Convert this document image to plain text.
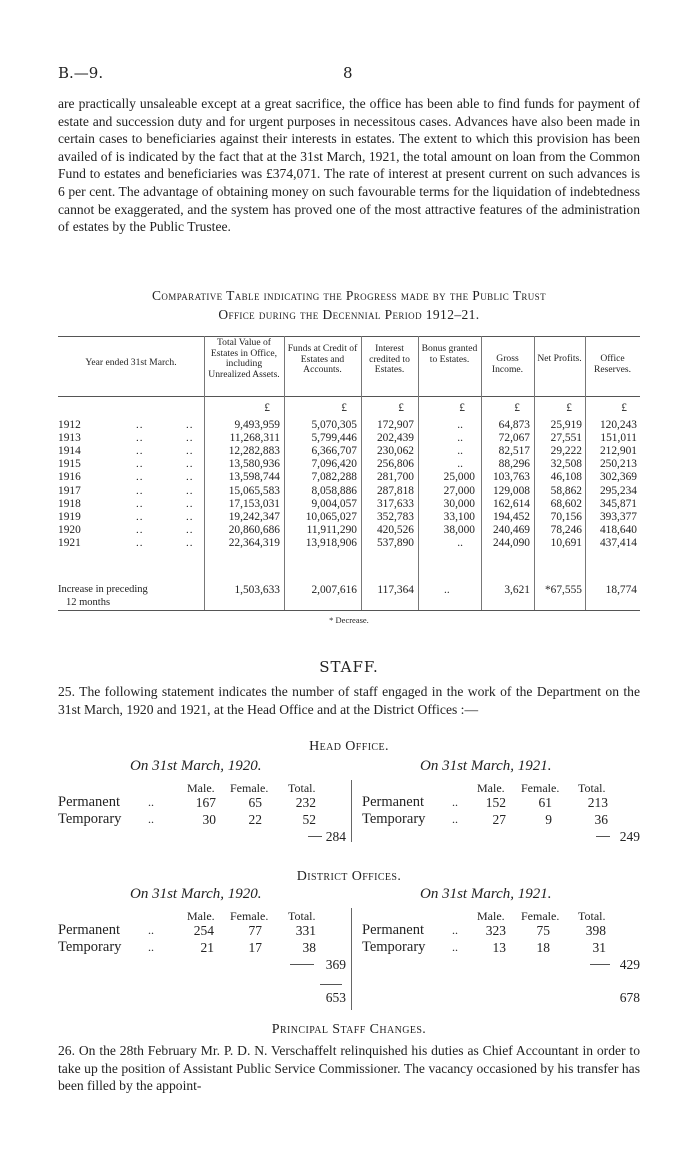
B.—9.	8
are practically unsaleable except at a great sacrifice, the office has been able to find funds for payment of estate and succession duty and for urgent purposes in necessitous cases. Advances have also been made in certain cases to beneficiaries against their interests in estates. The extent to which this provision has been availed of is indicated by the fact that at the 31st March, 1921, the total amount on loan from the Common Fund to estates and beneficiaries was £374,071. The rate of interest at present current on such advances is 6 per cent. The advantage of obtaining money on such favourable terms for the liquidation of indebtedness cannot be exaggerated, and the system has proved one of the most attractive features of the administration of estates by the Public Trustee.
Comparative Table indicating the Progress made by the Public Trust
Office during the Decennial Period 1912–21.
Year ended 31st March.
Total Value of Estates in Office, including Unrealized Assets.
Funds at Credit of Estates and Accounts.
Interest credited to Estates.
Bonus granted to Estates.	Gross Income.
Net Profits.	Office Reserves.
£	£	£	£	£	£	£
1912	..	..	9,493,959	5,070,305 172,907	..	64,873 25,919 120,243
1913	..	..	11,268,311	5,799,446 202,439	..	72,067 27,551 151,011
1914	..	..	12,282,883	6,366,707 230,062	..	82,517 29,222 212,901
1915	..	..	13,580,936	7,096,420 256,806	..	88,296 32,508 250,213
1916	..	..	13,598,744	7,082,288 281,700	25,000 103,763 46,108 302,369
1917	..	..	15,065,583	8,058,886 287,818	27,000 129,008 58,862 295,234
1918	..	..	17,153,031	9,004,057 317,633	30,000 162,614 68,602 345,871
1919	..	..	19,242,347 10,065,027 352,783	33,100 194,452 70,156 393,377
1920	..	..	20,860,686 11,911,290 420,526	38,000 240,469 78,246 418,640
1921	..	..	22,364,319 13,918,906 537,890	..	244,090 10,691 437,414
Increase in preceding
12 months
1,503,633	2,007,616 117,364	..	3,621 *67,555 18,774
* Decrease.
STAFF.
25. The following statement indicates the number of staff engaged in the work of the Department on the 31st March, 1920 and 1921, at the Head Office and at the District Offices :—
Head Office.
On 31st March, 1920.	On 31st March, 1921.
Male. Female. Total.	Male. Female. Total.
Permanent ..	167	65	232
Temporary ..	30	22	52
284
Permanent ..	152	61	213
Temporary ..	27	9	36
249
District Offices.
On 31st March, 1920.	On 31st March, 1921.
Male. Female. Total.	Male. Female. Total.
Permanent ..	254	77	331
Temporary ..	21	17	38
369
653
Permanent ..	323	75	398
Temporary ..	13	18	31
429
678
Principal Staff Changes.
26. On the 28th February Mr. P. D. N. Verschaffelt relinquished his duties as Chief Accountant in order to take up the position of Assistant Public Service Commissioner. The vacancy occasioned by his transfer has been filled by the appoint-
